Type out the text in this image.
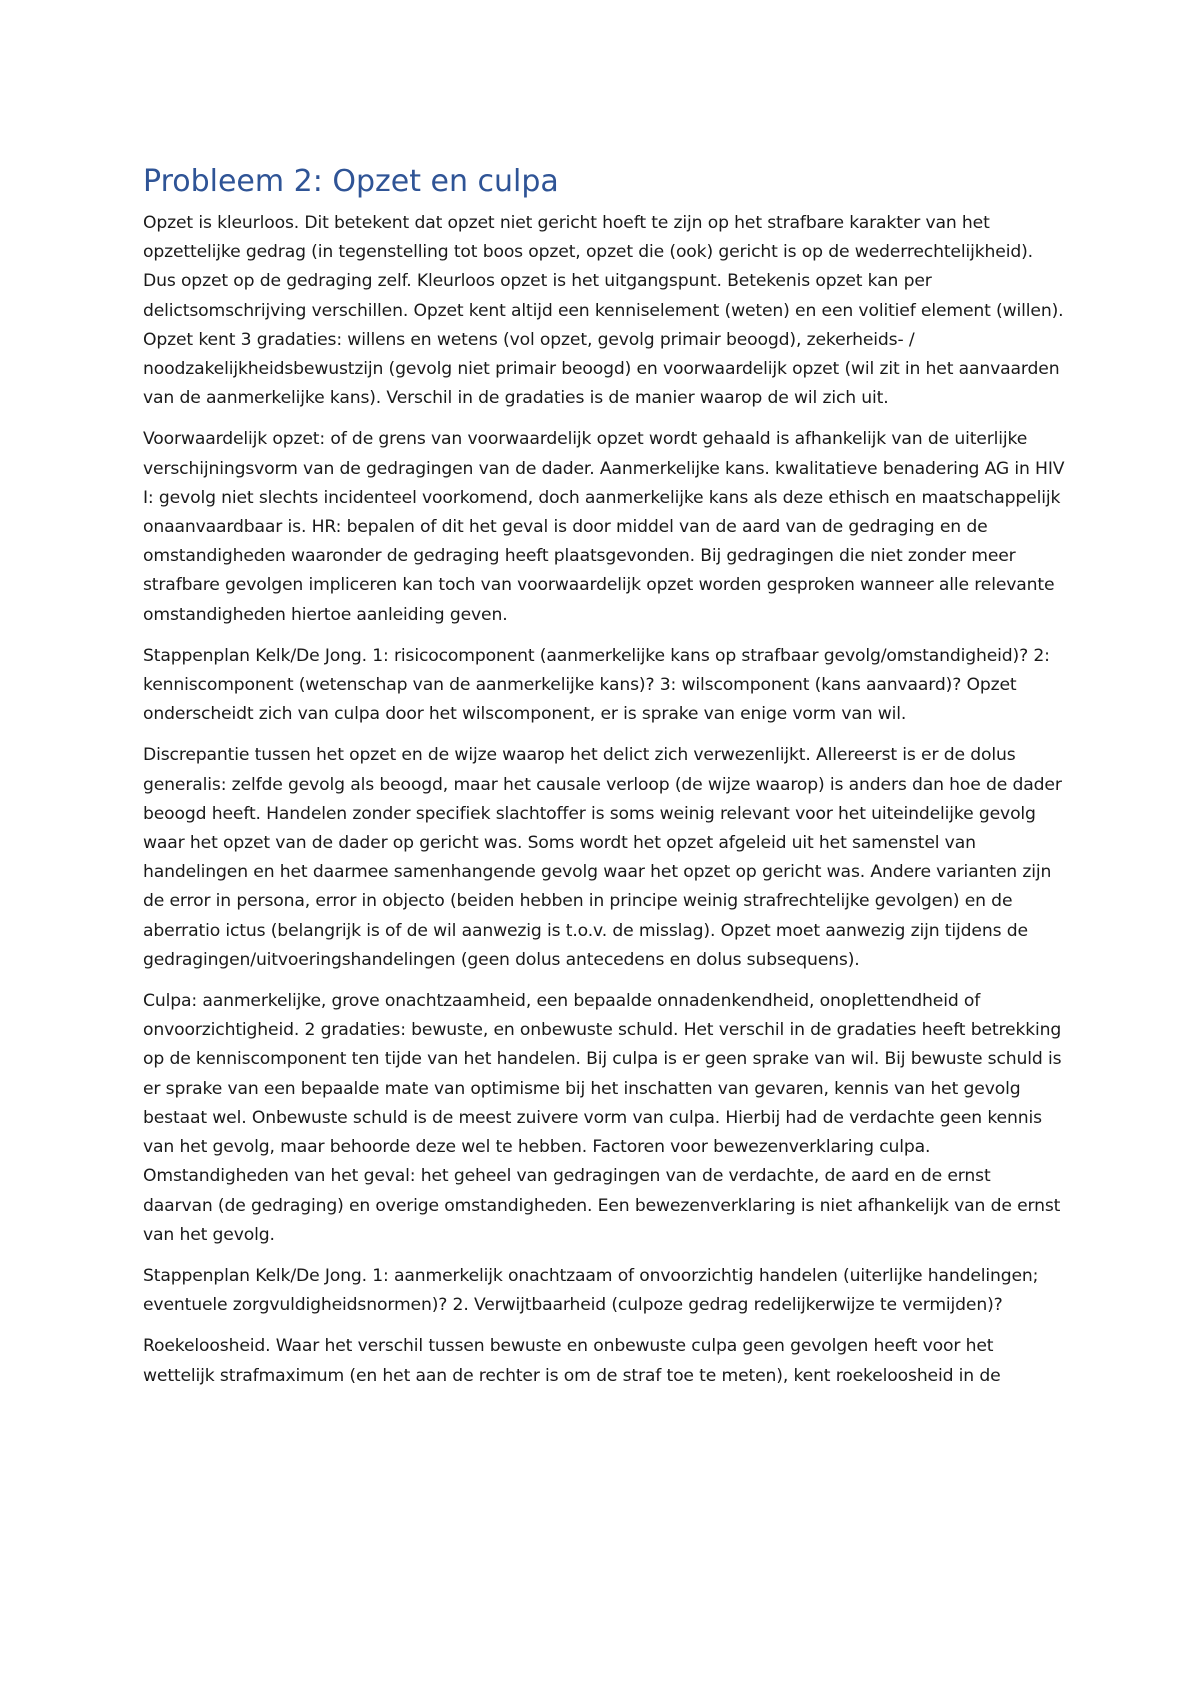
Probleem 2: Opzet en culpa

Opzet is kleurloos. Dit betekent dat opzet niet gericht hoeft te zijn op het strafbare karakter van het opzettelijke gedrag (in tegenstelling tot boos opzet, opzet die (ook) gericht is op de wederrechtelijkheid). Dus opzet op de gedraging zelf. Kleurloos opzet is het uitgangspunt. Betekenis opzet kan per delictsomschrijving verschillen. Opzet kent altijd een kenniselement (weten) en een volitief element (willen). Opzet kent 3 gradaties: willens en wetens (vol opzet, gevolg primair beoogd), zekerheids- / noodzakelijkheidsbewustzijn (gevolg niet primair beoogd) en voorwaardelijk opzet (wil zit in het aanvaarden van de aanmerkelijke kans). Verschil in de gradaties is de manier waarop de wil zich uit.

Voorwaardelijk opzet: of de grens van voorwaardelijk opzet wordt gehaald is afhankelijk van de uiterlijke verschijningsvorm van de gedragingen van de dader. Aanmerkelijke kans. kwalitatieve benadering AG in HIV I: gevolg niet slechts incidenteel voorkomend, doch aanmerkelijke kans als deze ethisch en maatschappelijk onaanvaardbaar is. HR: bepalen of dit het geval is door middel van de aard van de gedraging en de omstandigheden waaronder de gedraging heeft plaatsgevonden. Bij gedragingen die niet zonder meer strafbare gevolgen impliceren kan toch van voorwaardelijk opzet worden gesproken wanneer alle relevante omstandigheden hiertoe aanleiding geven.

Stappenplan Kelk/De Jong. 1: risicocomponent (aanmerkelijke kans op strafbaar gevolg/omstandigheid)? 2: kenniscomponent (wetenschap van de aanmerkelijke kans)? 3: wilscomponent (kans aanvaard)? Opzet onderscheidt zich van culpa door het wilscomponent, er is sprake van enige vorm van wil.

Discrepantie tussen het opzet en de wijze waarop het delict zich verwezenlijkt. Allereerst is er de dolus generalis: zelfde gevolg als beoogd, maar het causale verloop (de wijze waarop) is anders dan hoe de dader beoogd heeft. Handelen zonder specifiek slachtoffer is soms weinig relevant voor het uiteindelijke gevolg waar het opzet van de dader op gericht was. Soms wordt het opzet afgeleid uit het samenstel van handelingen en het daarmee samenhangende gevolg waar het opzet op gericht was. Andere varianten zijn de error in persona, error in objecto (beiden hebben in principe weinig strafrechtelijke gevolgen) en de aberratio ictus (belangrijk is of de wil aanwezig is t.o.v. de misslag). Opzet moet aanwezig zijn tijdens de gedragingen/uitvoeringshandelingen (geen dolus antecedens en dolus subsequens).

Culpa: aanmerkelijke, grove onachtzaamheid, een bepaalde onnadenkendheid, onoplettendheid of onvoorzichtigheid. 2 gradaties: bewuste, en onbewuste schuld. Het verschil in de gradaties heeft betrekking op de kenniscomponent ten tijde van het handelen. Bij culpa is er geen sprake van wil. Bij bewuste schuld is er sprake van een bepaalde mate van optimisme bij het inschatten van gevaren, kennis van het gevolg bestaat wel. Onbewuste schuld is de meest zuivere vorm van culpa. Hierbij had de verdachte geen kennis van het gevolg, maar behoorde deze wel te hebben. Factoren voor bewezenverklaring culpa. Omstandigheden van het geval: het geheel van gedragingen van de verdachte, de aard en de ernst daarvan (de gedraging) en overige omstandigheden. Een bewezenverklaring is niet afhankelijk van de ernst van het gevolg.

Stappenplan Kelk/De Jong. 1: aanmerkelijk onachtzaam of onvoorzichtig handelen (uiterlijke handelingen; eventuele zorgvuldigheidsnormen)? 2. Verwijtbaarheid (culpoze gedrag redelijkerwijze te vermijden)?

Roekeloosheid. Waar het verschil tussen bewuste en onbewuste culpa geen gevolgen heeft voor het wettelijk strafmaximum (en het aan de rechter is om de straf toe te meten), kent roekeloosheid in de
